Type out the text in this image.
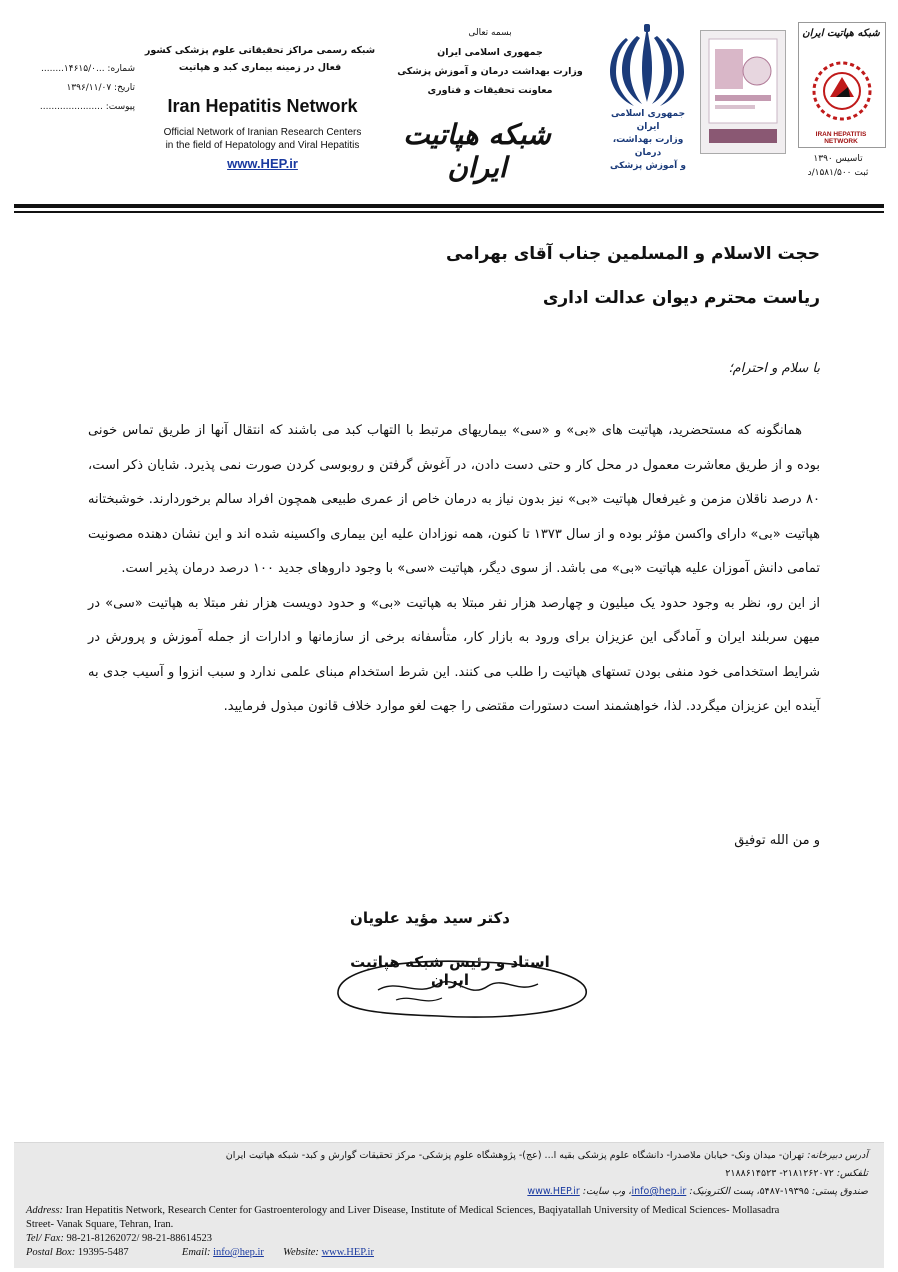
شماره: ...۱۴۶۱۵/۰........
تاریخ: ۱۳۹۶/۱۱/۰۷
پیوست: ......................
شبکه رسمی مراکز تحقیقاتی علوم پزشکی کشور
فعال در زمینه بیماری کبد و هپاتیت
Iran Hepatitis Network
Official Network of Iranian Research Centers
in the field of Hepatology and Viral Hepatitis
www.HEP.ir
بسمه تعالی
جمهوری اسلامی ایران
وزارت بهداشت درمان و آموزش پزشکی
معاونت تحقیقات و فناوری
شبکه هپاتیت ایران
جمهوری اسلامی ایران
وزارت بهداشت، درمان
و آموزش پزشکی
شبکه هپاتیت ایران
IRAN HEPATITIS NETWORK
تاسیس ۱۳۹۰
ثبت ۱۵۸۱/۵۰۰/د
حجت الاسلام و المسلمین جناب آقای بهرامی
ریاست محترم دیوان عدالت اداری
با سلام و احترام؛

همانگونه که مستحضرید، هپاتیت های «بی» و «سی» بیماریهای مرتبط با التهاب کبد می باشند که انتقال آنها از طریق تماس خونی بوده و از طریق معاشرت معمول در محل کار و حتی دست دادن، در آغوش گرفتن و روبوسی کردن صورت نمی پذیرد. شایان ذکر است، ۸۰ درصد ناقلان مزمن و غیرفعال هپاتیت «بی» نیز بدون نیاز به درمان خاص از عمری طبیعی همچون افراد سالم برخوردارند. خوشبختانه هپاتیت «بی» دارای واکسن مؤثر بوده و از سال ۱۳۷۳ تا کنون، همه نوزادان علیه این بیماری واکسینه شده اند و این نشان دهنده مصونیت تمامی دانش آموزان علیه هپاتیت «بی» می باشد. از سوی دیگر، هپاتیت «سی» با وجود داروهای جدید ۱۰۰ درصد درمان پذیر است.

از این رو، نظر به وجود حدود یک میلیون و چهارصد هزار نفر مبتلا به هپاتیت «بی» و حدود دویست هزار نفر مبتلا به هپاتیت «سی» در میهن سربلند ایران و آمادگی این عزیزان برای ورود به بازار کار، متأسفانه برخی از سازمانها و ادارات از جمله آموزش و پرورش در شرایط استخدامی خود منفی بودن تستهای هپاتیت را طلب می کنند. این شرط استخدام مبنای علمی ندارد و سبب انزوا و آسیب جدی به آینده این عزیزان میگردد. لذا، خواهشمند است دستورات مقتضی را جهت لغو موارد خلاف قانون مبذول فرمایید.

و من الله توفیق
دکتر سید مؤید علویان
استاد و رئیس شبکه هپاتیت ایران
آدرس دبیرخانه: تهران- میدان ونک- خیابان ملاصدرا- دانشگاه علوم پزشکی بقیه ا... (عج)- پژوهشگاه علوم پزشکی- مرکز تحقیقات گوارش و کبد- شبکه هپاتیت ایران
تلفکس: ۲۱۸۱۲۶۲۰۷۲- ۲۱۸۸۶۱۴۵۲۳
صندوق پستی: ۱۹۳۹۵-۵۴۸۷، پست الکترونیک: info@hep.ir، وب سایت: www.HEP.ir
Address: Iran Hepatitis Network, Research Center for Gastroenterology and Liver Disease, Institute of Medical Sciences, Baqiyatallah University of Medical Sciences- Mollasadra
Street- Vanak Square, Tehran, Iran.
Tel/ Fax: 98-21-81262072/ 98-21-88614523
Postal Box: 19395-5487	Email: info@hep.ir Website: www.HEP.ir
